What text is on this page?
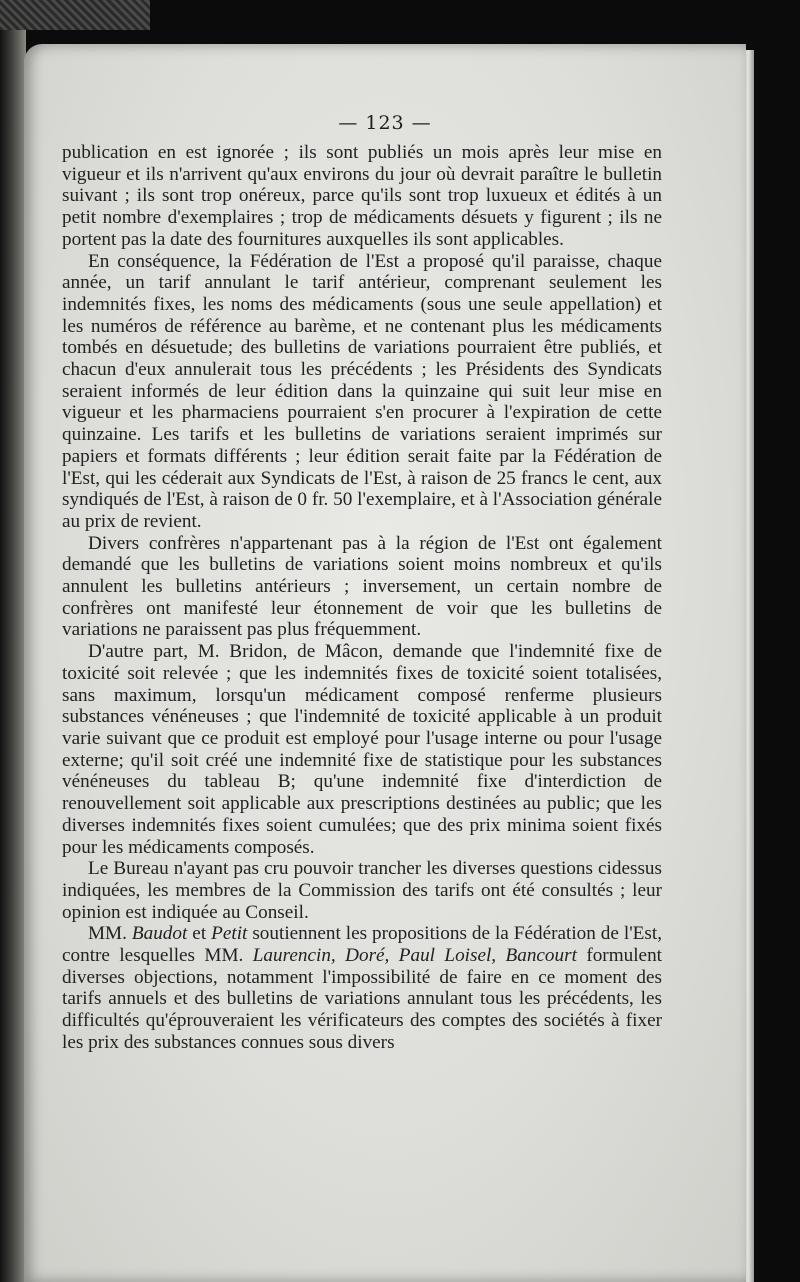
— 123 —

publication en est ignorée ; ils sont publiés un mois après leur mise en vigueur et ils n'arrivent qu'aux environs du jour où devrait paraître le bulletin suivant ; ils sont trop onéreux, parce qu'ils sont trop luxueux et édités à un petit nombre d'exemplaires ; trop de médicaments désuets y figurent ; ils ne portent pas la date des fournitures auxquelles ils sont applicables.

En conséquence, la Fédération de l'Est a proposé qu'il paraisse, chaque année, un tarif annulant le tarif antérieur, comprenant seulement les indemnités fixes, les noms des médicaments (sous une seule appellation) et les numéros de référence au barème, et ne contenant plus les médicaments tombés en désuetude; des bulletins de variations pourraient être publiés, et chacun d'eux annulerait tous les précédents ; les Présidents des Syndicats seraient informés de leur édition dans la quinzaine qui suit leur mise en vigueur et les pharmaciens pourraient s'en procurer à l'expiration de cette quinzaine. Les tarifs et les bulletins de variations seraient imprimés sur papiers et formats différents ; leur édition serait faite par la Fédération de l'Est, qui les céderait aux Syndicats de l'Est, à raison de 25 francs le cent, aux syndiqués de l'Est, à raison de 0 fr. 50 l'exemplaire, et à l'Association générale au prix de revient.

Divers confrères n'appartenant pas à la région de l'Est ont également demandé que les bulletins de variations soient moins nombreux et qu'ils annulent les bulletins antérieurs ; inversement, un certain nombre de confrères ont manifesté leur étonnement de voir que les bulletins de variations ne paraissent pas plus fréquemment.

D'autre part, M. Bridon, de Mâcon, demande que l'indemnité fixe de toxicité soit relevée ; que les indemnités fixes de toxicité soient totalisées, sans maximum, lorsqu'un médicament composé renferme plusieurs substances vénéneuses ; que l'indemnité de toxicité applicable à un produit varie suivant que ce produit est employé pour l'usage interne ou pour l'usage externe; qu'il soit créé une indemnité fixe de statistique pour les substances vénéneuses du tableau B; qu'une indemnité fixe d'interdiction de renouvellement soit applicable aux prescriptions destinées au public; que les diverses indemnités fixes soient cumulées; que des prix minima soient fixés pour les médicaments composés.

Le Bureau n'ayant pas cru pouvoir trancher les diverses questions cidessus indiquées, les membres de la Commission des tarifs ont été consultés ; leur opinion est indiquée au Conseil.

MM. Baudot et Petit soutiennent les propositions de la Fédération de l'Est, contre lesquelles MM. Laurencin, Doré, Paul Loisel, Bancourt formulent diverses objections, notamment l'impossibilité de faire en ce moment des tarifs annuels et des bulletins de variations annulant tous les précédents, les difficultés qu'éprouveraient les vérificateurs des comptes des sociétés à fixer les prix des substances connues sous divers
